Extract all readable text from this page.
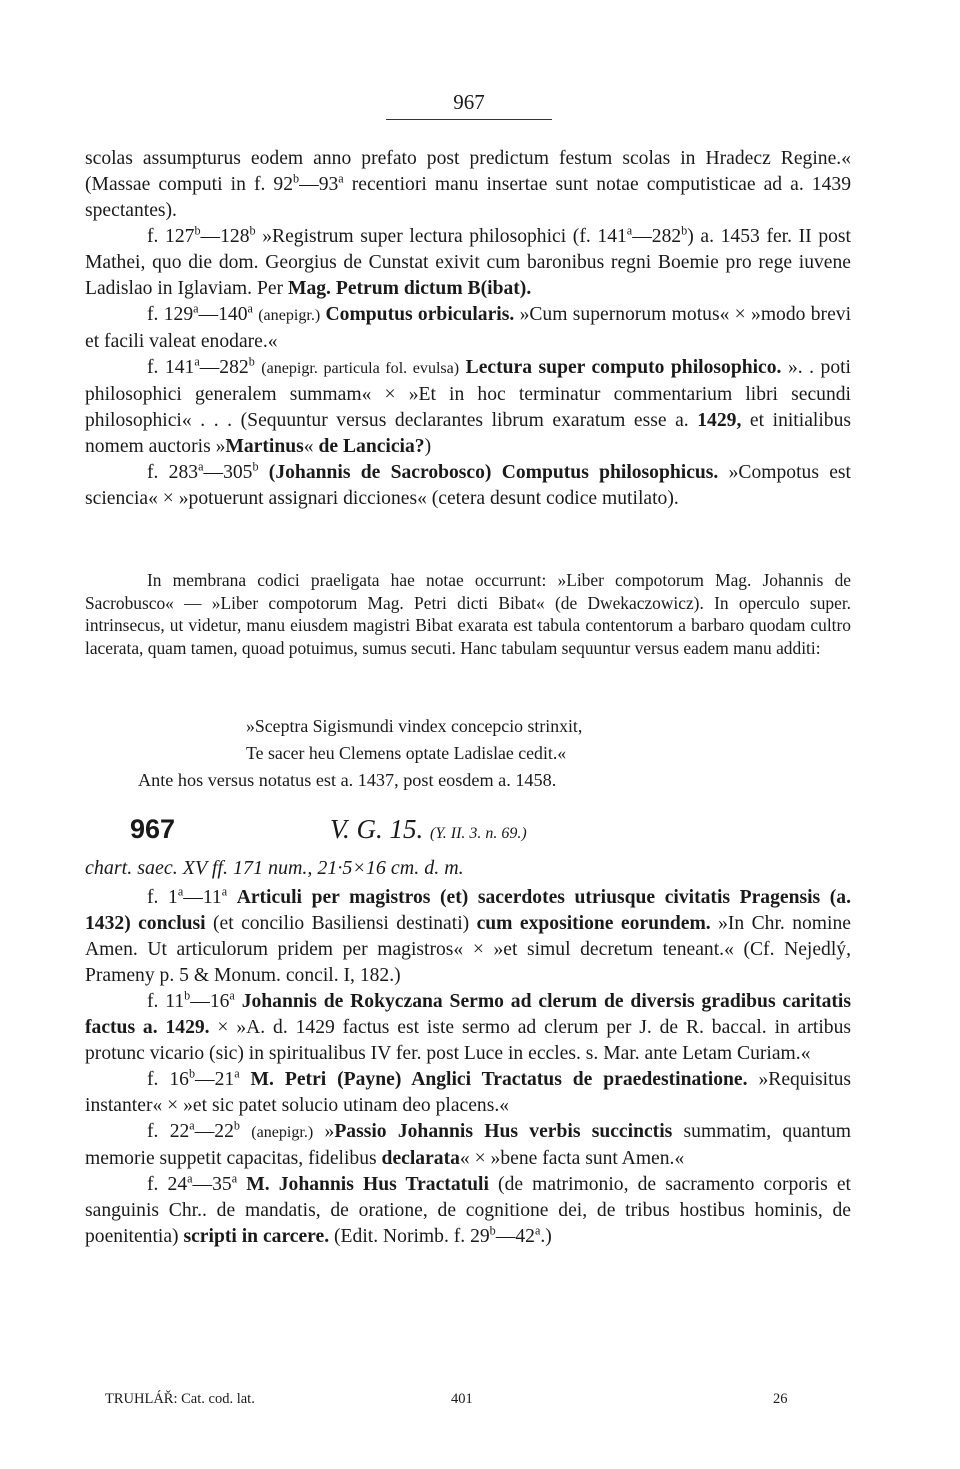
967

scolas assumpturus eodem anno prefato post predictum festum scolas in Hradecz Regine.« (Massae computi in f. 92$^b$—93$^a$ recentiori manu insertae sunt notae computisticae ad a. 1439 spectantes).

f. 127$^b$—128$^b$ »Registrum super lectura philosophici (f. 141$^a$—282$^b$) a. 1453 fer. II post Mathei, quo die dom. Georgius de Cunstat exivit cum baronibus regni Boemie pro rege iuvene Ladislao in Iglaviam. Per Mag. Petrum dictum B(ibat).

f. 129$^a$—140$^a$ (anepigr.) Computus orbicularis. »Cum supernorum motus« × »modo brevi et facili valeat enodare.«

f. 141$^a$—282$^b$ (anepigr. particula fol. evulsa) Lectura super computo philosophico. ». . poti philosophici generalem summam« × »Et in hoc terminatur commentarium libri secundi philosophici« . . . (Sequuntur versus declarantes librum exaratum esse a. 1429, et initialibus nomem auctoris »Martinus« de Lancicia?)

f. 283$^a$—305$^b$ (Johannis de Sacrobosco) Computus philosophicus. »Compotus est sciencia« × »potuerunt assignari dicciones« (cetera desunt codice mutilato).

In membrana codici praeligata hae notae occurrunt: »Liber compotorum Mag. Johannis de Sacrobusco« — »Liber compotorum Mag. Petri dicti Bibat« (de Dwekaczowicz). In operculo super. intrinsecus, ut videtur, manu eiusdem magistri Bibat exarata est tabula contentorum a barbaro quodam cultro lacerata, quam tamen, quoad potuimus, sumus secuti. Hanc tabulam sequuntur versus eadem manu additi:

»Sceptra Sigismundi vindex concepcio strinxit,
Te sacer heu Clemens optate Ladislae cedit.«

Ante hos versus notatus est a. 1437, post eosdem a. 1458.

967	V. G. 15. (Y. II. 3. n. 69.)
chart. saec. XV ff. 171 num., 21·5×16 cm. d. m.

f. 1$^a$—11$^a$ Articuli per magistros (et) sacerdotes utriusque civitatis Pragensis (a. 1432) conclusi (et concilio Basiliensi destinati) cum expositione eorundem. »In Chr. nomine Amen. Ut articulorum pridem per magistros« × »et simul decretum teneant.« (Cf. Nejedlý, Prameny p. 5 & Monum. concil. I, 182.)

f. 11$^b$—16$^a$ Johannis de Rokyczana Sermo ad clerum de diversis gradibus caritatis factus a. 1429. × »A. d. 1429 factus est iste sermo ad clerum per J. de R. baccal. in artibus protunc vicario (sic) in spiritualibus IV fer. post Luce in eccles. s. Mar. ante Letam Curiam.«

f. 16$^b$—21$^a$ M. Petri (Payne) Anglici Tractatus de praedestinatione. »Requisitus instanter« × »et sic patet solucio utinam deo placens.«

f. 22$^a$—22$^b$ (anepigr.) »Passio Johannis Hus verbis succinctis summatim, quantum memorie suppetit capacitas, fidelibus declarata« × »bene facta sunt Amen.«

f. 24$^a$—35$^a$ M. Johannis Hus Tractatuli (de matrimonio, de sacramento corporis et sanguinis Chr.. de mandatis, de oratione, de cognitione dei, de tribus hostibus hominis, de poenitentia) scripti in carcere. (Edit. Norimb. f. 29$^b$—42$^a$.)

TRUHLÁŘ: Cat. cod. lat.	401	26
